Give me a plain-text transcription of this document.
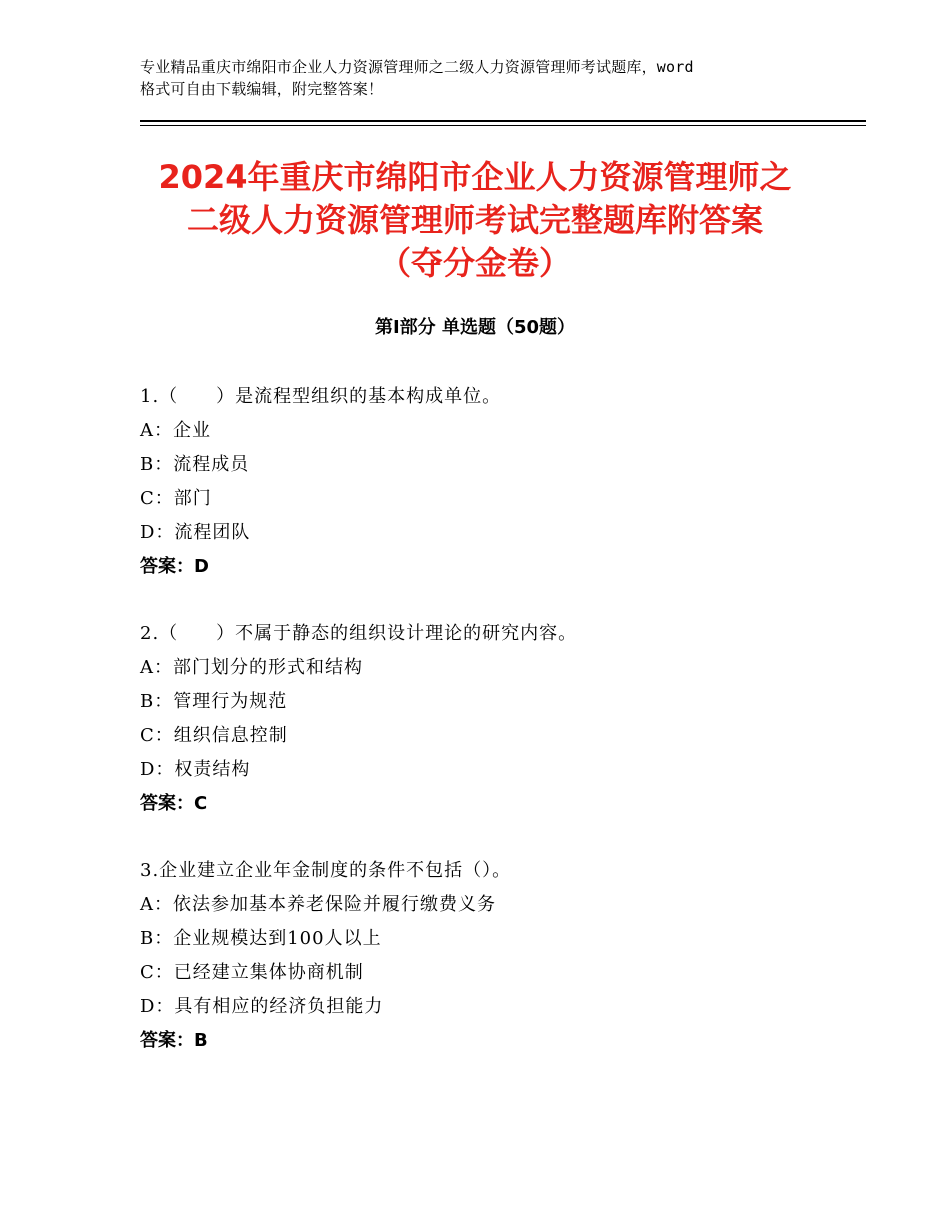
专业精品重庆市绵阳市企业人力资源管理师之二级人力资源管理师考试题库，word
格式可自由下载编辑，附完整答案！
2024年重庆市绵阳市企业人力资源管理师之
二级人力资源管理师考试完整题库附答案
（夺分金卷）
第Ⅰ部分 单选题（50题）
1.（　　）是流程型组织的基本构成单位。
A：企业
B：流程成员
C：部门
D：流程团队
答案：D
2.（　　）不属于静态的组织设计理论的研究内容。
A：部门划分的形式和结构
B：管理行为规范
C：组织信息控制
D：权责结构
答案：C
3.企业建立企业年金制度的条件不包括（）。
A：依法参加基本养老保险并履行缴费义务
B：企业规模达到100人以上
C：已经建立集体协商机制
D：具有相应的经济负担能力
答案：B
